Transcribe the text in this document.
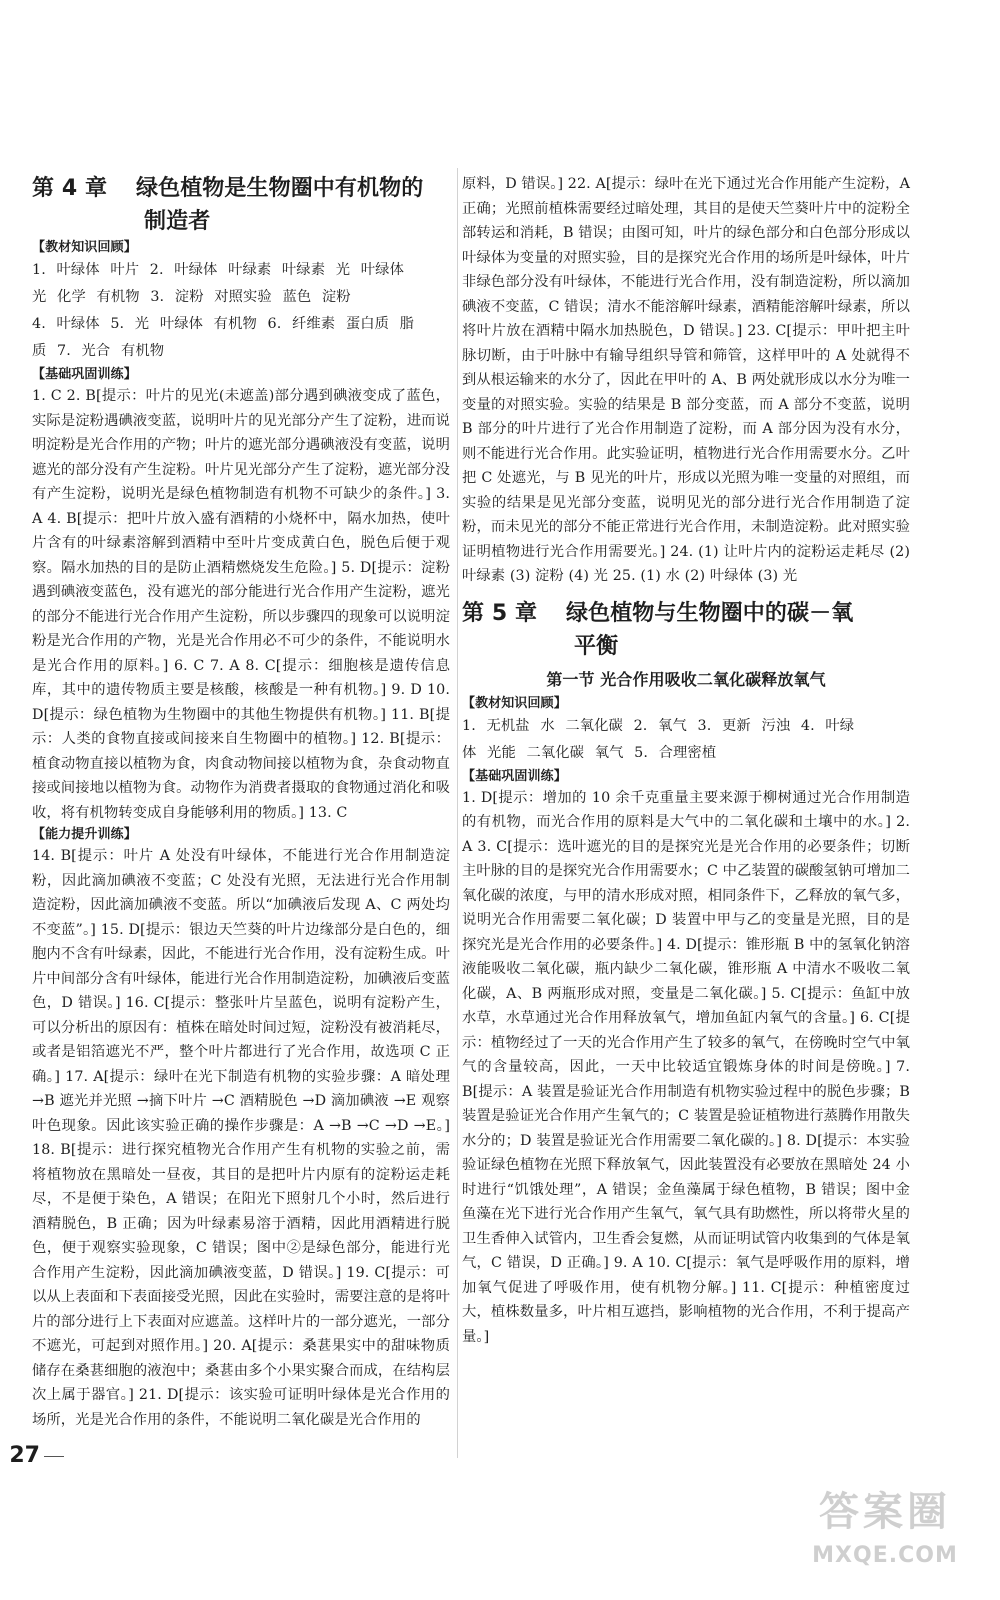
第 4 章 绿色植物是生物圈中有机物的
制造者
【教材知识回顾】
1. 叶绿体 叶片 2. 叶绿体 叶绿素 叶绿素 光 叶绿体
光 化学 有机物 3. 淀粉 对照实验 蓝色 淀粉
4. 叶绿体 5. 光 叶绿体 有机物 6. 纤维素 蛋白质 脂
质 7. 光合 有机物
【基础巩固训练】

1. C 2. B[提示：叶片的见光(未遮盖)部分遇到碘液变成了蓝色，实际是淀粉遇碘液变蓝，说明叶片的见光部分产生了淀粉，进而说明淀粉是光合作用的产物；叶片的遮光部分遇碘液没有变蓝，说明遮光的部分没有产生淀粉。叶片见光部分产生了淀粉，遮光部分没有产生淀粉，说明光是绿色植物制造有机物不可缺少的条件。] 3. A 4. B[提示：把叶片放入盛有酒精的小烧杯中，隔水加热，使叶片含有的叶绿素溶解到酒精中至叶片变成黄白色，脱色后便于观察。隔水加热的目的是防止酒精燃烧发生危险。] 5. D[提示：淀粉遇到碘液变蓝色，没有遮光的部分能进行光合作用产生淀粉，遮光的部分不能进行光合作用产生淀粉，所以步骤四的现象可以说明淀粉是光合作用的产物，光是光合作用必不可少的条件，不能说明水是光合作用的原料。] 6. C 7. A 8. C[提示：细胞核是遗传信息库，其中的遗传物质主要是核酸，核酸是一种有机物。] 9. D 10. D[提示：绿色植物为生物圈中的其他生物提供有机物。] 11. B[提示：人类的食物直接或间接来自生物圈中的植物。] 12. B[提示：植食动物直接以植物为食，肉食动物间接以植物为食，杂食动物直接或间接地以植物为食。动物作为消费者摄取的食物通过消化和吸收，将有机物转变成自身能够利用的物质。] 13. C

【能力提升训练】

14. B[提示：叶片 A 处没有叶绿体，不能进行光合作用制造淀粉，因此滴加碘液不变蓝；C 处没有光照，无法进行光合作用制造淀粉，因此滴加碘液不变蓝。所以“加碘液后发现 A、C 两处均不变蓝”。] 15. D[提示：银边天竺葵的叶片边缘部分是白色的，细胞内不含有叶绿素，因此，不能进行光合作用，没有淀粉生成。叶片中间部分含有叶绿体，能进行光合作用制造淀粉，加碘液后变蓝色，D 错误。] 16. C[提示：整张叶片呈蓝色，说明有淀粉产生，可以分析出的原因有：植株在暗处时间过短，淀粉没有被消耗尽，或者是铝箔遮光不严，整个叶片都进行了光合作用，故选项 C 正确。] 17. A[提示：绿叶在光下制造有机物的实验步骤：A 暗处理 →B 遮光并光照 →摘下叶片 →C 酒精脱色 →D 滴加碘液 →E 观察叶色现象。因此该实验正确的操作步骤是：A →B →C →D →E。] 18. B[提示：进行探究植物光合作用产生有机物的实验之前，需将植物放在黑暗处一昼夜，其目的是把叶片内原有的淀粉运走耗尽，不是便于染色，A 错误；在阳光下照射几个小时，然后进行酒精脱色，B 正确；因为叶绿素易溶于酒精，因此用酒精进行脱色，便于观察实验现象，C 错误；图中②是绿色部分，能进行光合作用产生淀粉，因此滴加碘液变蓝，D 错误。] 19. C[提示：可以从上表面和下表面接受光照，因此在实验时，需要注意的是将叶片的部分进行上下表面对应遮盖。这样叶片的一部分遮光，一部分不遮光，可起到对照作用。] 20. A[提示：桑葚果实中的甜味物质储存在桑葚细胞的液泡中；桑葚由多个小果实聚合而成，在结构层次上属于器官。] 21. D[提示：该实验可证明叶绿体是光合作用的场所，光是光合作用的条件，不能说明二氧化碳是光合作用的

原料，D 错误。] 22. A[提示：绿叶在光下通过光合作用能产生淀粉，A 正确；光照前植株需要经过暗处理，其目的是使天竺葵叶片中的淀粉全部转运和消耗，B 错误；由图可知，叶片的绿色部分和白色部分形成以叶绿体为变量的对照实验，目的是探究光合作用的场所是叶绿体，叶片非绿色部分没有叶绿体，不能进行光合作用，没有制造淀粉，所以滴加碘液不变蓝，C 错误；清水不能溶解叶绿素，酒精能溶解叶绿素，所以将叶片放在酒精中隔水加热脱色，D 错误。] 23. C[提示：甲叶把主叶脉切断，由于叶脉中有输导组织导管和筛管，这样甲叶的 A 处就得不到从根运输来的水分了，因此在甲叶的 A、B 两处就形成以水分为唯一变量的对照实验。实验的结果是 B 部分变蓝，而 A 部分不变蓝，说明 B 部分的叶片进行了光合作用制造了淀粉，而 A 部分因为没有水分，则不能进行光合作用。此实验证明，植物进行光合作用需要水分。乙叶把 C 处遮光，与 B 见光的叶片，形成以光照为唯一变量的对照组，而实验的结果是见光部分变蓝，说明见光的部分进行光合作用制造了淀粉，而未见光的部分不能正常进行光合作用，未制造淀粉。此对照实验证明植物进行光合作用需要光。] 24. (1) 让叶片内的淀粉运走耗尽 (2) 叶绿素 (3) 淀粉 (4) 光 25. (1) 水 (2) 叶绿体 (3) 光

第 5 章 绿色植物与生物圈中的碳－氧
平衡
第一节 光合作用吸收二氧化碳释放氧气
【教材知识回顾】
1. 无机盐 水 二氧化碳 2. 氧气 3. 更新 污浊 4. 叶绿
体 光能 二氧化碳 氧气 5. 合理密植
【基础巩固训练】

1. D[提示：增加的 10 余千克重量主要来源于柳树通过光合作用制造的有机物，而光合作用的原料是大气中的二氧化碳和土壤中的水。] 2. A 3. C[提示：选叶遮光的目的是探究光是光合作用的必要条件；切断主叶脉的目的是探究光合作用需要水；C 中乙装置的碳酸氢钠可增加二氧化碳的浓度，与甲的清水形成对照，相同条件下，乙释放的氧气多，说明光合作用需要二氧化碳；D 装置中甲与乙的变量是光照，目的是探究光是光合作用的必要条件。] 4. D[提示：锥形瓶 B 中的氢氧化钠溶液能吸收二氧化碳，瓶内缺少二氧化碳，锥形瓶 A 中清水不吸收二氧化碳，A、B 两瓶形成对照，变量是二氧化碳。] 5. C[提示：鱼缸中放水草，水草通过光合作用释放氧气，增加鱼缸内氧气的含量。] 6. C[提示：植物经过了一天的光合作用产生了较多的氧气，在傍晚时空气中氧气的含量较高，因此，一天中比较适宜锻炼身体的时间是傍晚。] 7. B[提示：A 装置是验证光合作用制造有机物实验过程中的脱色步骤；B 装置是验证光合作用产生氧气的；C 装置是验证植物进行蒸腾作用散失水分的；D 装置是验证光合作用需要二氧化碳的。] 8. D[提示：本实验验证绿色植物在光照下释放氧气，因此装置没有必要放在黑暗处 24 小时进行“饥饿处理”，A 错误；金鱼藻属于绿色植物，B 错误；图中金鱼藻在光下进行光合作用产生氧气，氧气具有助燃性，所以将带火星的卫生香伸入试管内，卫生香会复燃，从而证明试管内收集到的气体是氧气，C 错误，D 正确。] 9. A 10. C[提示：氧气是呼吸作用的原料，增加氧气促进了呼吸作用，使有机物分解。] 11. C[提示：种植密度过大，植株数量多，叶片相互遮挡，影响植物的光合作用，不利于提高产量。]

27
答案圈
MXQE.COM
